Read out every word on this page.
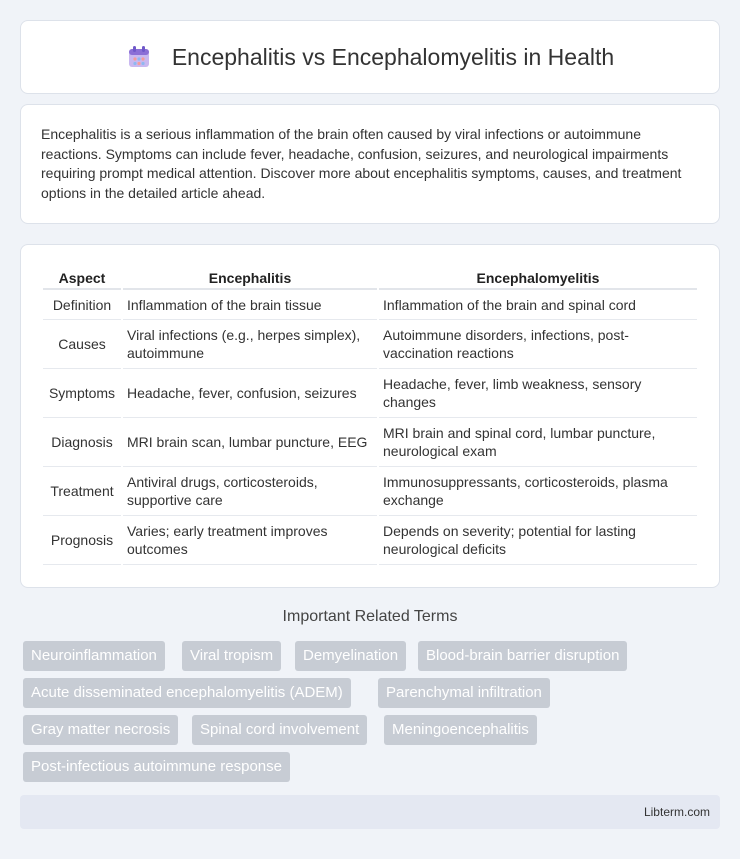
Encephalitis vs Encephalomyelitis in Health

Encephalitis is a serious inflammation of the brain often caused by viral infections or autoimmune reactions. Symptoms can include fever, headache, confusion, seizures, and neurological impairments requiring prompt medical attention. Discover more about encephalitis symptoms, causes, and treatment options in the detailed article ahead.

Aspect	Encephalitis	Encephalomyelitis
Definition	Inflammation of the brain tissue	Inflammation of the brain and spinal cord
Causes	Viral infections (e.g., herpes simplex), autoimmune	Autoimmune disorders, infections, post-vaccination reactions
Symptoms	Headache, fever, confusion, seizures	Headache, fever, limb weakness, sensory changes
Diagnosis	MRI brain scan, lumbar puncture, EEG	MRI brain and spinal cord, lumbar puncture, neurological exam
Treatment	Antiviral drugs, corticosteroids, supportive care	Immunosuppressants, corticosteroids, plasma exchange
Prognosis	Varies; early treatment improves outcomes	Depends on severity; potential for lasting neurological deficits
Important Related Terms
Neuroinflammation	Viral tropism	Demyelination	Blood-brain barrier disruption
Acute disseminated encephalomyelitis (ADEM)	Parenchymal infiltration
Gray matter necrosis	Spinal cord involvement	Meningoencephalitis
Post-infectious autoimmune response
Libterm.com
